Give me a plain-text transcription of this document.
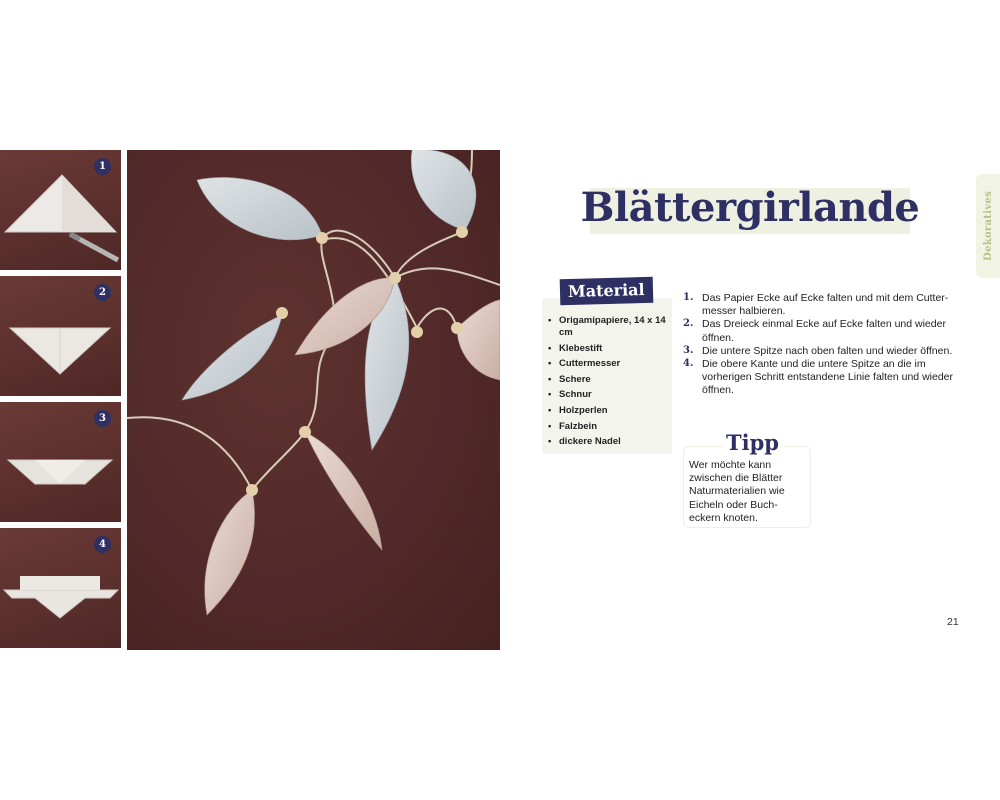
1
2
3
4
Dekoratives
Blättergirlande
Material
• Origamipapiere, 14 x 14 cm
• Klebestift
• Cuttermesser
• Schere
• Schnur
• Holzperlen
• Falzbein
• dickere Nadel
1. Das Papier Ecke auf Ecke falten und mit dem Cutter-messer halbieren.
2. Das Dreieck einmal Ecke auf Ecke falten und wieder öffnen.
3. Die untere Spitze nach oben falten und wieder öffnen.
4. Die obere Kante und die untere Spitze an die im vorherigen Schritt entstandene Linie falten und wieder öffnen.
Tipp
Wer möchte kann zwischen die Blätter Naturmaterialien wie Eicheln oder Buch-eckern knoten.
21
